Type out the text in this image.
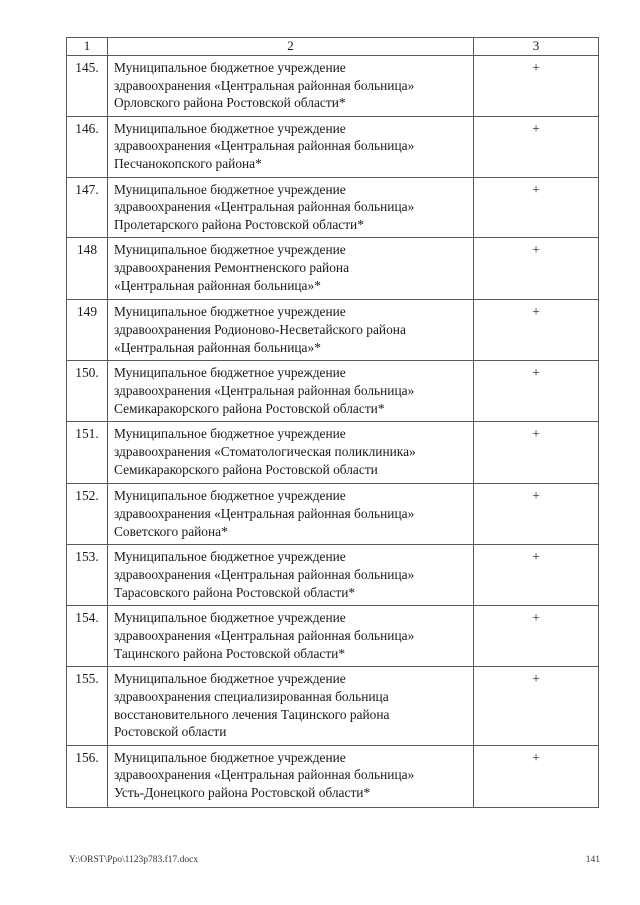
1	2	3
145.	Муниципальное бюджетное учреждение
здравоохранения «Центральная районная больница»
Орловского района Ростовской области*	+
146.	Муниципальное бюджетное учреждение
здравоохранения «Центральная районная больница»
Песчанокопского района*	+
147.	Муниципальное бюджетное учреждение
здравоохранения «Центральная районная больница»
Пролетарского района Ростовской области*	+
148	Муниципальное бюджетное учреждение
здравоохранения Ремонтненского района
«Центральная районная больница»*	+
149	Муниципальное бюджетное учреждение
здравоохранения Родионово-Несветайского района
«Центральная районная больница»*	+
150.	Муниципальное бюджетное учреждение
здравоохранения «Центральная районная больница»
Семикаракорского района Ростовской области*	+
151.	Муниципальное бюджетное учреждение
здравоохранения «Стоматологическая поликлиника»
Семикаракорского района Ростовской области	+
152.	Муниципальное бюджетное учреждение
здравоохранения «Центральная районная больница»
Советского района*	+
153.	Муниципальное бюджетное учреждение
здравоохранения «Центральная районная больница»
Тарасовского района Ростовской области*	+
154.	Муниципальное бюджетное учреждение
здравоохранения «Центральная районная больница»
Тацинского района Ростовской области*	+
155.	Муниципальное бюджетное учреждение
здравоохранения специализированная больница
восстановительного лечения Тацинского района
Ростовской области	+
156.	Муниципальное бюджетное учреждение
здравоохранения «Центральная районная больница»
Усть-Донецкого района Ростовской области*	+
Y:\ORST\Ppo\1123p783.f17.docx	141
